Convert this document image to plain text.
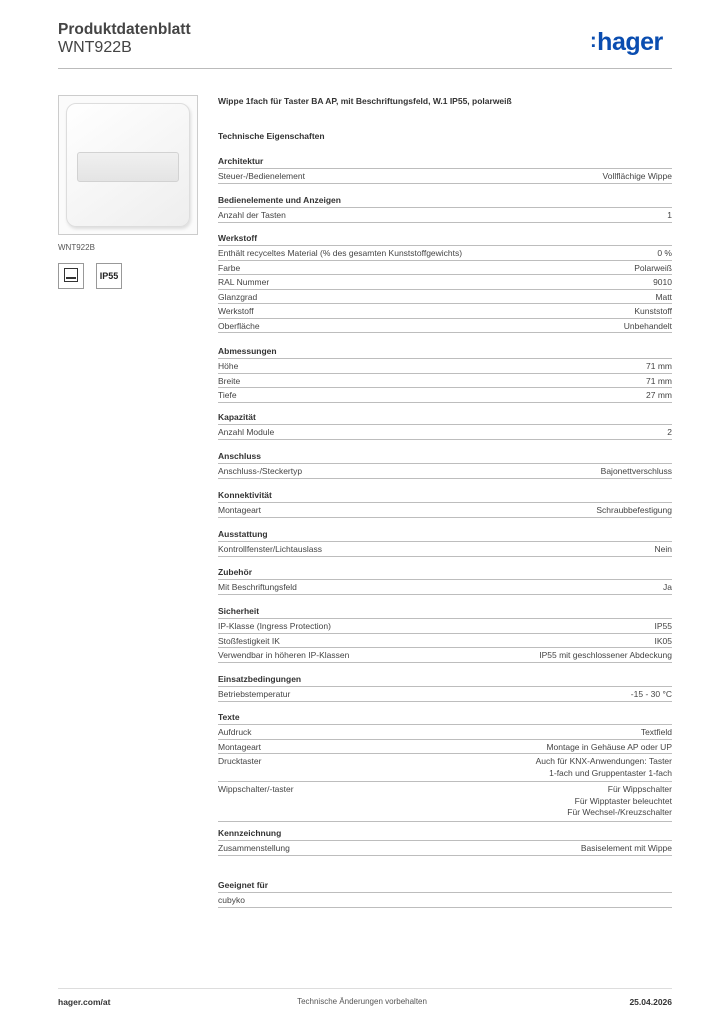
Produktdatenblatt
WNT922B	:hager
WNT922B
IP55
Wippe 1fach für Taster BA AP, mit Beschriftungsfeld, W.1 IP55, polarweiß
Technische Eigenschaften
Architektur
Steuer-/Bedienelement	Vollflächige Wippe
Bedienelemente und Anzeigen
Anzahl der Tasten	1
Werkstoff
Enthält recyceltes Material (% des gesamten Kunststoffgewichts)	0 %
Farbe	Polarweiß
RAL Nummer	9010
Glanzgrad	Matt
Werkstoff	Kunststoff
Oberfläche	Unbehandelt
Abmessungen
Höhe	71 mm
Breite	71 mm
Tiefe	27 mm
Kapazität
Anzahl Module	2
Anschluss
Anschluss-/Steckertyp	Bajonettverschluss
Konnektivität
Montageart	Schraubbefestigung
Ausstattung
Kontrollfenster/Lichtauslass	Nein
Zubehör
Mit Beschriftungsfeld	Ja
Sicherheit
IP-Klasse (Ingress Protection)	IP55
Stoßfestigkeit IK	IK05
Verwendbar in höheren IP-Klassen	IP55 mit geschlossener Abdeckung
Einsatzbedingungen
Betriebstemperatur	-15 - 30 °C
Texte
Aufdruck	Textfield
Montageart	Montage in Gehäuse AP oder UP
Drucktaster	Auch für KNX-Anwendungen: Taster
1-fach und Gruppentaster 1-fach
Wippschalter/-taster	Für Wippschalter
Für Wipptaster beleuchtet
Für Wechsel-/Kreuzschalter
Kennzeichnung
Zusammenstellung	Basiselement mit Wippe
Geeignet für
cubyko
hager.com/at	Technische Änderungen vorbehalten	25.04.2026
